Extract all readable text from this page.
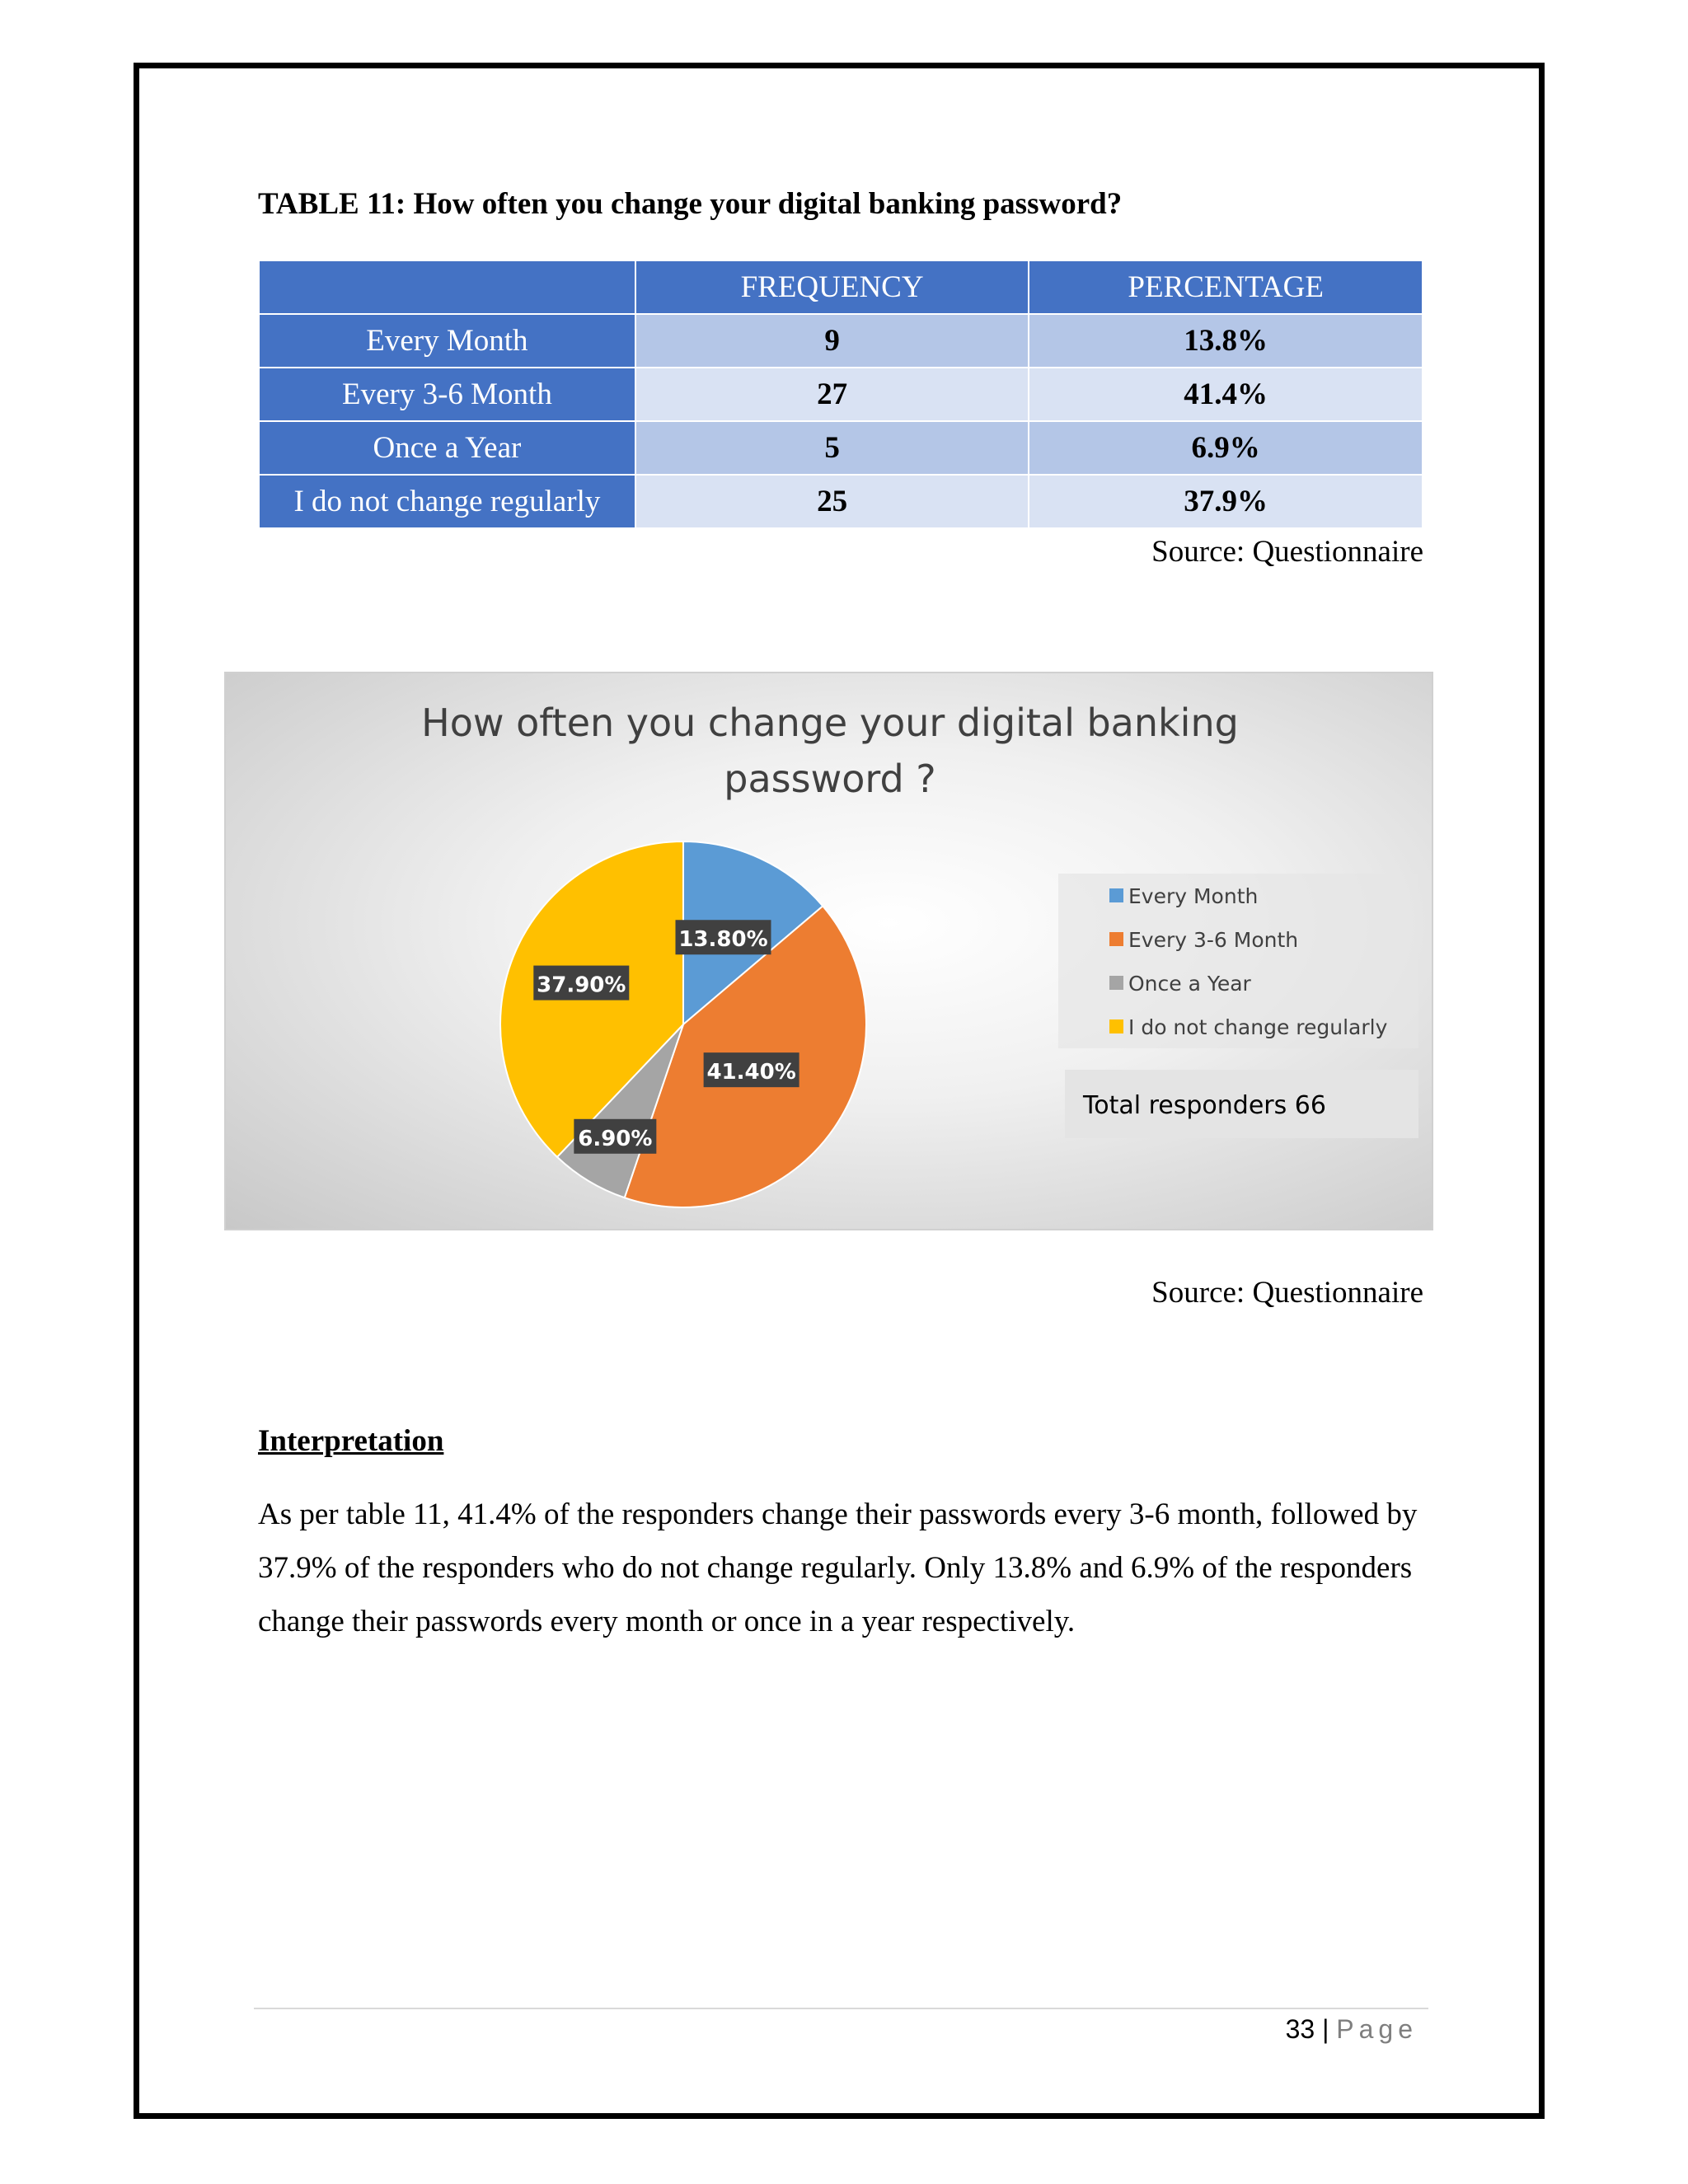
TABLE 11: How often you change your digital banking password?
	FREQUENCY	PERCENTAGE
Every Month	9	13.8%
Every 3-6 Month	27	41.4%
Once a Year	5	6.9%
I do not change regularly	25	37.9%
Source: Questionnaire
How often you change your digital banking
password ?
13.80%
41.40%
6.90%
37.90%
Every Month
Every 3-6 Month
Once a Year
I do not change regularly
Total responders 66
Source: Questionnaire
Interpretation
As per table 11, 41.4% of the responders change their passwords every 3-6 month, followed by 37.9% of the responders who do not change regularly. Only 13.8% and 6.9% of the responders change their passwords every month or once in a year respectively.
33 | Page
